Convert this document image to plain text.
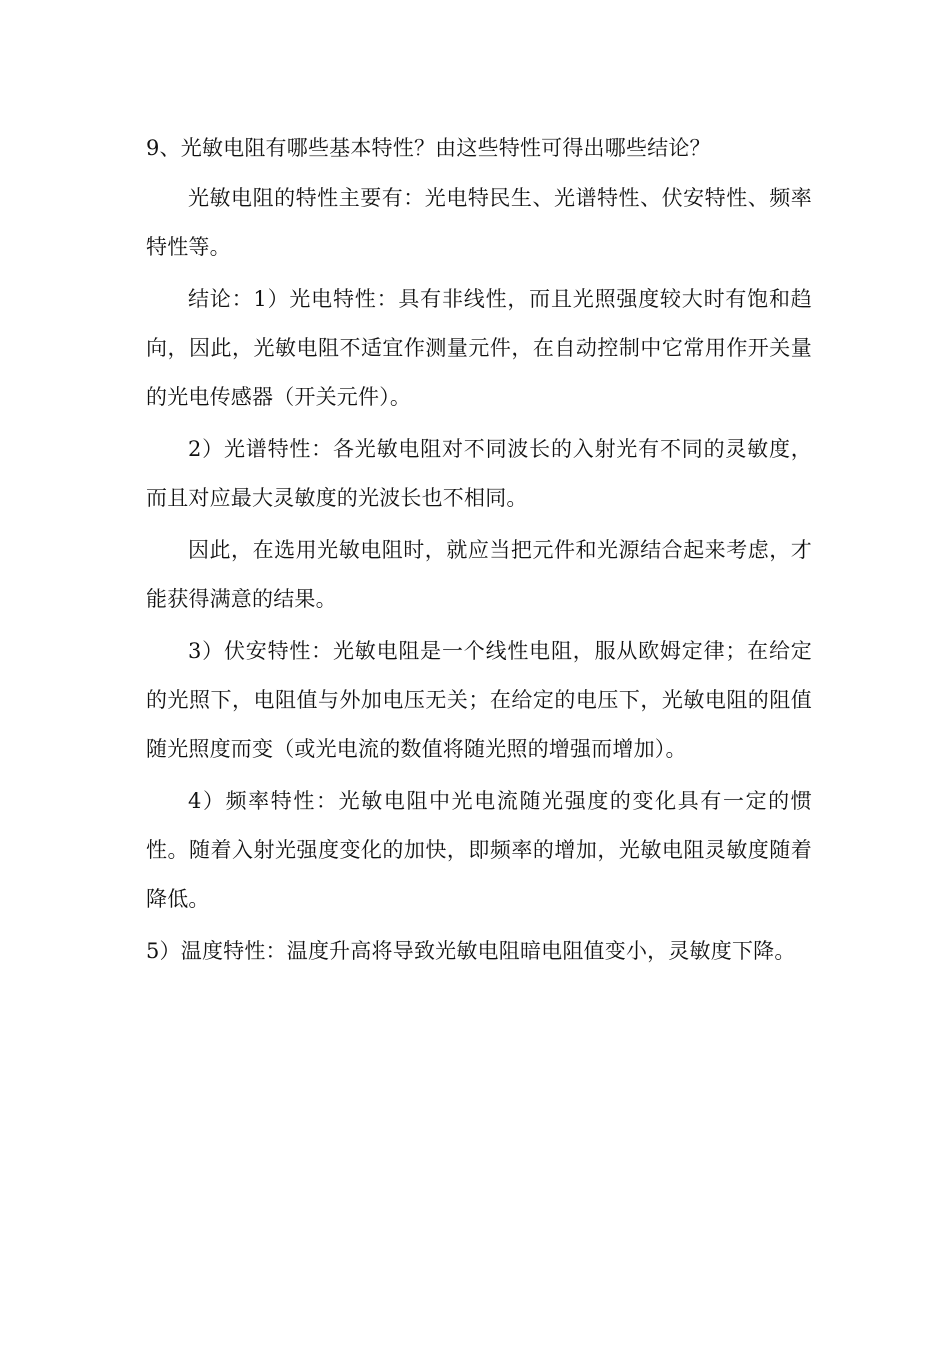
9、光敏电阻有哪些基本特性？由这些特性可得出哪些结论？

光敏电阻的特性主要有：光电特民生、光谱特性、伏安特性、频率特性等。

结论：1）光电特性：具有非线性，而且光照强度较大时有饱和趋向，因此，光敏电阻不适宜作测量元件，在自动控制中它常用作开关量的光电传感器（开关元件）。

2）光谱特性：各光敏电阻对不同波长的入射光有不同的灵敏度，而且对应最大灵敏度的光波长也不相同。

因此，在选用光敏电阻时，就应当把元件和光源结合起来考虑，才能获得满意的结果。

3）伏安特性：光敏电阻是一个线性电阻，服从欧姆定律；在给定的光照下，电阻值与外加电压无关；在给定的电压下，光敏电阻的阻值随光照度而变（或光电流的数值将随光照的增强而增加）。

4）频率特性：光敏电阻中光电流随光强度的变化具有一定的惯性。随着入射光强度变化的加快，即频率的增加，光敏电阻灵敏度随着降低。

5）温度特性：温度升高将导致光敏电阻暗电阻值变小，灵敏度下降。
